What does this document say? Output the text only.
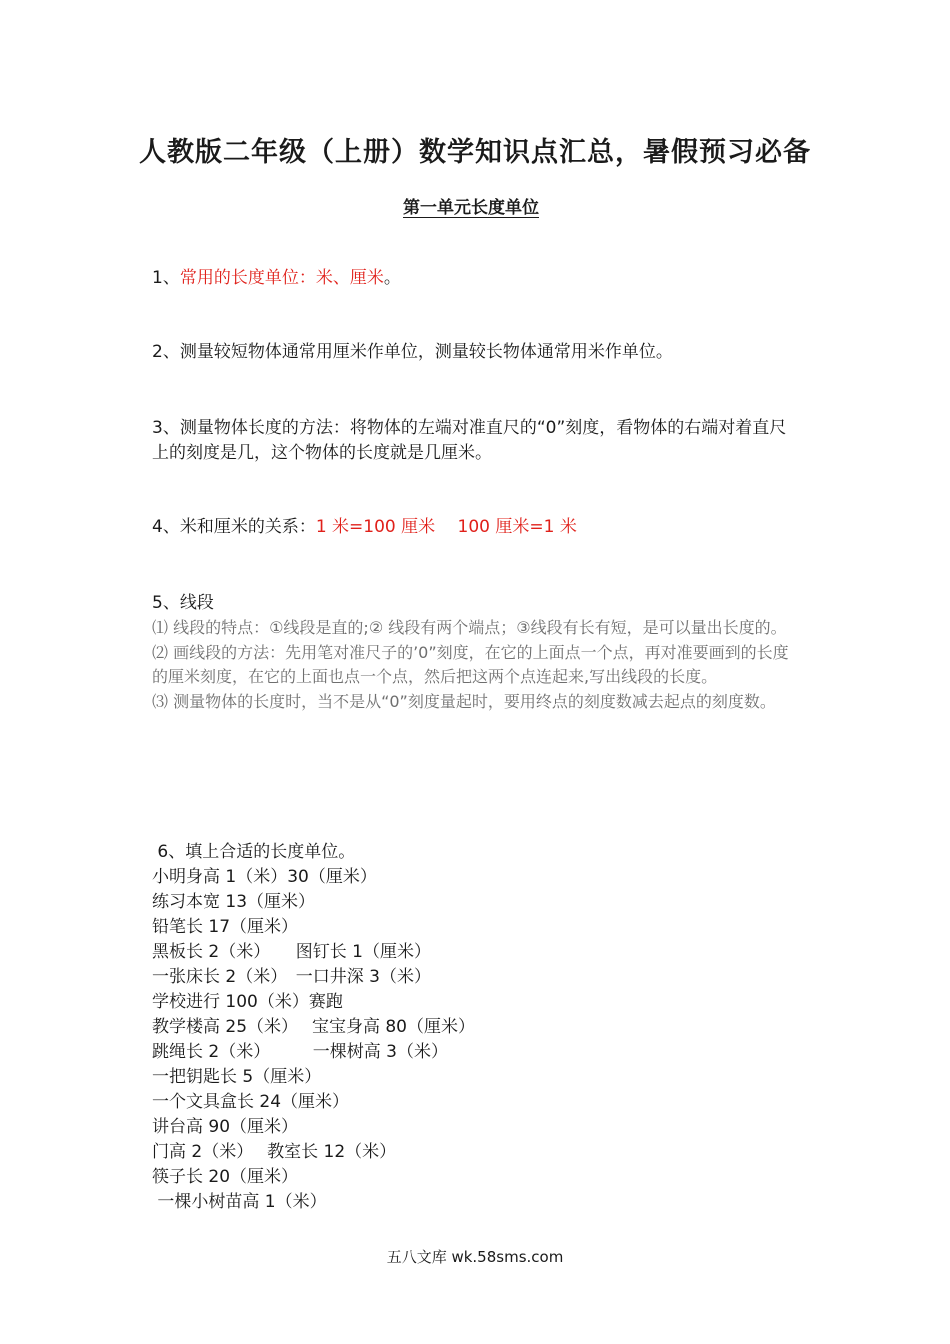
人教版二年级（上册）数学知识点汇总，暑假预习必备
第一单元长度单位
1、常用的长度单位：米、厘米。
2、测量较短物体通常用厘米作单位，测量较长物体通常用米作单位。
3、测量物体长度的方法：将物体的左端对准直尺的“0”刻度，看物体的右端对着直尺上的刻度是几，这个物体的长度就是几厘米。
4、米和厘米的关系：1 米=100 厘米　 100 厘米=1 米
5、线段
⑴ 线段的特点：①线段是直的;② 线段有两个端点；③线段有长有短，是可以量出长度的。
⑵ 画线段的方法：先用笔对准尺子的’0”刻度，在它的上面点一个点，再对准要画到的长度的厘米刻度，在它的上面也点一个点，然后把这两个点连起来,写出线段的长度。
⑶ 测量物体的长度时，当不是从“0”刻度量起时，要用终点的刻度数减去起点的刻度数。
6、填上合适的长度单位。
小明身高 1（米）30（厘米）
练习本宽 13（厘米）
铅笔长 17（厘米）
黑板长 2（米）　　图钉长 1（厘米）
一张床长 2（米）　一口井深 3（米）
学校进行 100（米）赛跑
教学楼高 25（米）　 宝宝身高 80（厘米）
跳绳长 2（米）　　　一棵树高 3（米）
一把钥匙长 5（厘米）
一个文具盒长 24（厘米）
讲台高 90（厘米）
门高 2（米）　 教室长 12（米）
筷子长 20（厘米）
一棵小树苗高 1（米）
五八文库 wk.58sms.com
